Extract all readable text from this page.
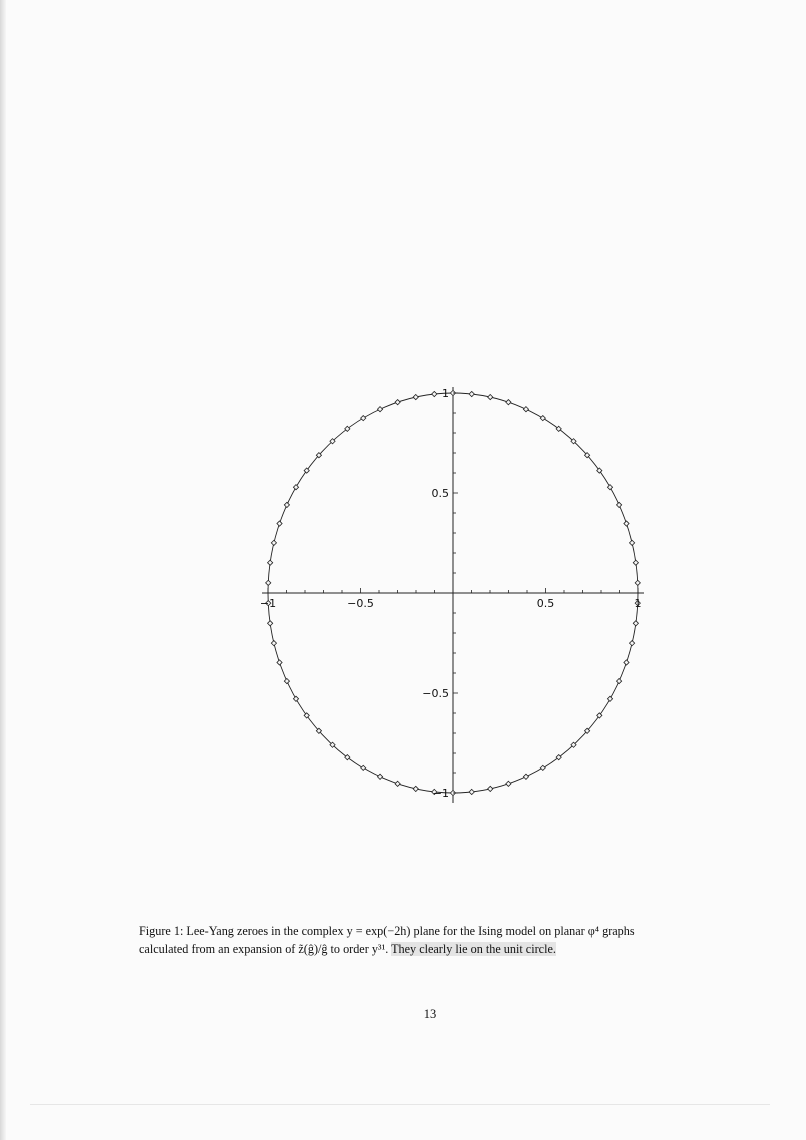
−1	−0.5	0.5	1
1
0.5
−0.5
−1
Figure 1: Lee-Yang zeroes in the complex y = exp(−2h) plane for the Ising model on planar φ⁴ graphs
calculated from an expansion of z̃(ĝ)/ĝ to order y³¹. They clearly lie on the unit circle.
13
